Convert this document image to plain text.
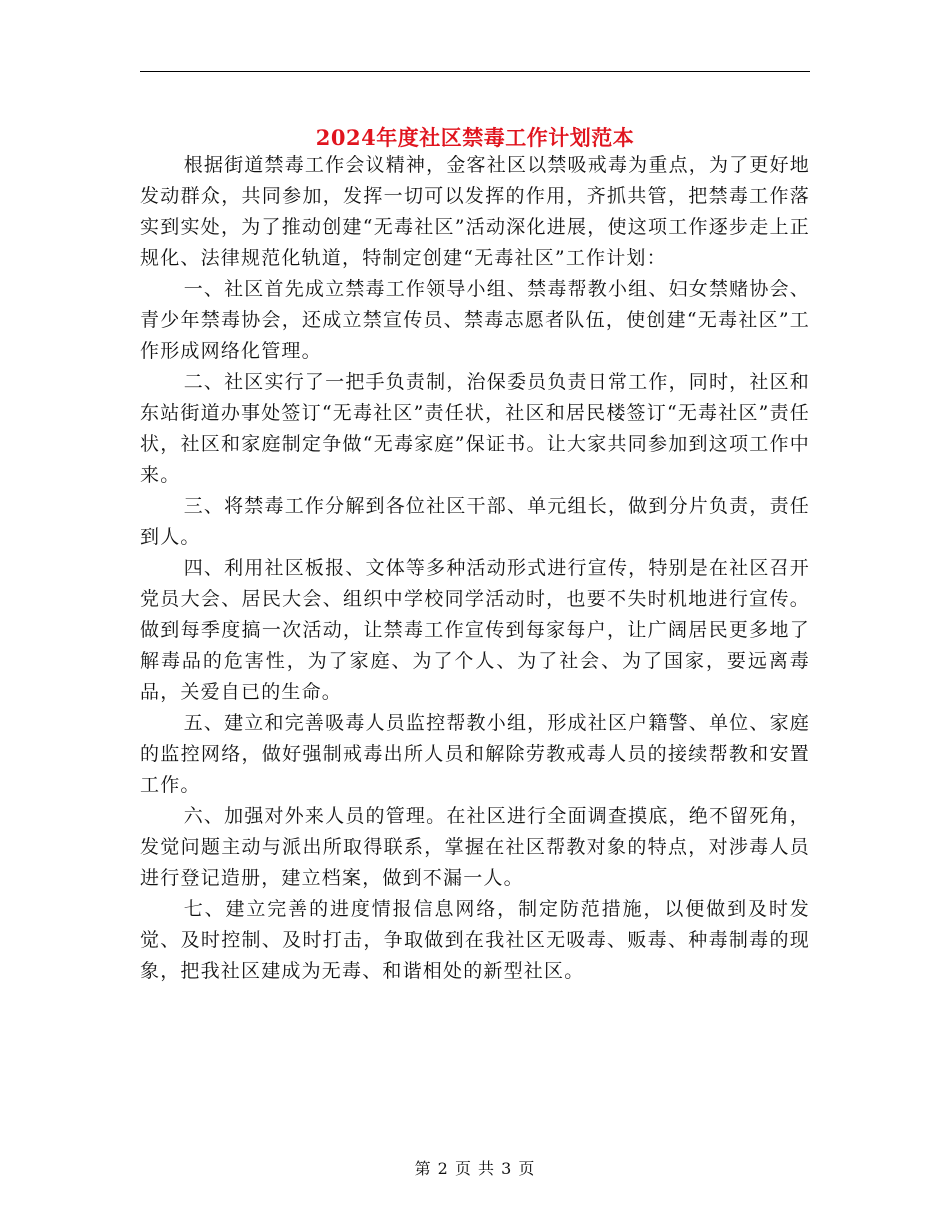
2024年度社区禁毒工作计划范本

根据街道禁毒工作会议精神，金客社区以禁吸戒毒为重点，为了更好地发动群众，共同参加，发挥一切可以发挥的作用，齐抓共管，把禁毒工作落实到实处，为了推动创建“无毒社区”活动深化进展，使这项工作逐步走上正规化、法律规范化轨道，特制定创建“无毒社区”工作计划：

一、社区首先成立禁毒工作领导小组、禁毒帮教小组、妇女禁赌协会、青少年禁毒协会，还成立禁宣传员、禁毒志愿者队伍，使创建“无毒社区”工作形成网络化管理。

二、社区实行了一把手负责制，治保委员负责日常工作，同时，社区和东站街道办事处签订“无毒社区”责任状，社区和居民楼签订“无毒社区”责任状，社区和家庭制定争做“无毒家庭”保证书。让大家共同参加到这项工作中来。

三、将禁毒工作分解到各位社区干部、单元组长，做到分片负责，责任到人。

四、利用社区板报、文体等多种活动形式进行宣传，特别是在社区召开党员大会、居民大会、组织中学校同学活动时，也要不失时机地进行宣传。做到每季度搞一次活动，让禁毒工作宣传到每家每户，让广阔居民更多地了解毒品的危害性，为了家庭、为了个人、为了社会、为了国家，要远离毒品，关爱自已的生命。

五、建立和完善吸毒人员监控帮教小组，形成社区户籍警、单位、家庭的监控网络，做好强制戒毒出所人员和解除劳教戒毒人员的接续帮教和安置工作。

六、加强对外来人员的管理。在社区进行全面调查摸底，绝不留死角，发觉问题主动与派出所取得联系，掌握在社区帮教对象的特点，对涉毒人员进行登记造册，建立档案，做到不漏一人。

七、建立完善的进度情报信息网络，制定防范措施，以便做到及时发觉、及时控制、及时打击，争取做到在我社区无吸毒、贩毒、种毒制毒的现象，把我社区建成为无毒、和谐相处的新型社区。

第 2 页 共 3 页
